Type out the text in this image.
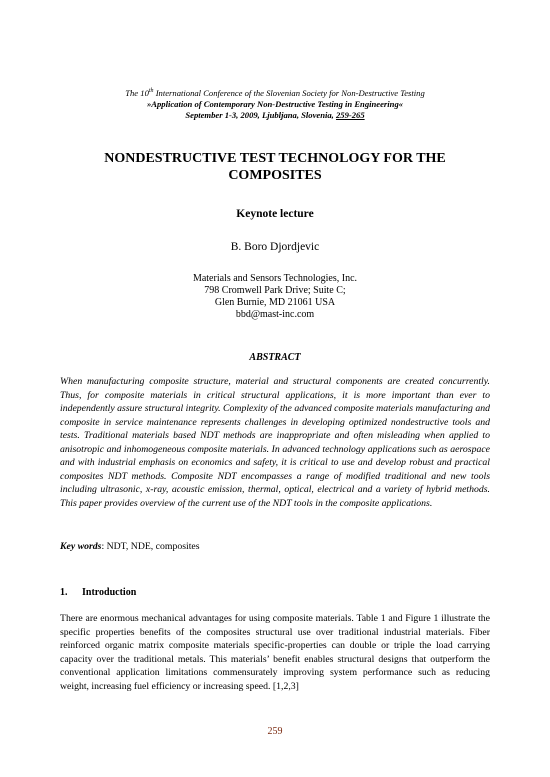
The 10th International Conference of the Slovenian Society for Non-Destructive Testing
»Application of Contemporary Non-Destructive Testing in Engineering«
September 1-3, 2009, Ljubljana, Slovenia, 259-265
NONDESTRUCTIVE TEST TECHNOLOGY FOR THE
COMPOSITES
Keynote lecture
B. Boro Djordjevic
Materials and Sensors Technologies, Inc.
798 Cromwell Park Drive; Suite C;
Glen Burnie, MD 21061 USA
bbd@mast-inc.com
ABSTRACT
When manufacturing composite structure, material and structural components are created concurrently. Thus, for composite materials in critical structural applications, it is more important than ever to independently assure structural integrity. Complexity of the advanced composite materials manufacturing and composite in service maintenance represents challenges in developing optimized nondestructive tools and tests. Traditional materials based NDT methods are inappropriate and often misleading when applied to anisotropic and inhomogeneous composite materials. In advanced technology applications such as aerospace and with industrial emphasis on economics and safety, it is critical to use and develop robust and practical composites NDT methods. Composite NDT encompasses a range of modified traditional and new tools including ultrasonic, x-ray, acoustic emission, thermal, optical, electrical and a variety of hybrid methods. This paper provides overview of the current use of the NDT tools in the composite applications.
Key words: NDT, NDE, composites
1. Introduction
There are enormous mechanical advantages for using composite materials. Table 1 and Figure 1 illustrate the specific properties benefits of the composites structural use over traditional industrial materials. Fiber reinforced organic matrix composite materials specific-properties can double or triple the load carrying capacity over the traditional metals. This materials’ benefit enables structural designs that outperform the conventional application limitations commensurately improving system performance such as reducing weight, increasing fuel efficiency or increasing speed. [1,2,3]
259
